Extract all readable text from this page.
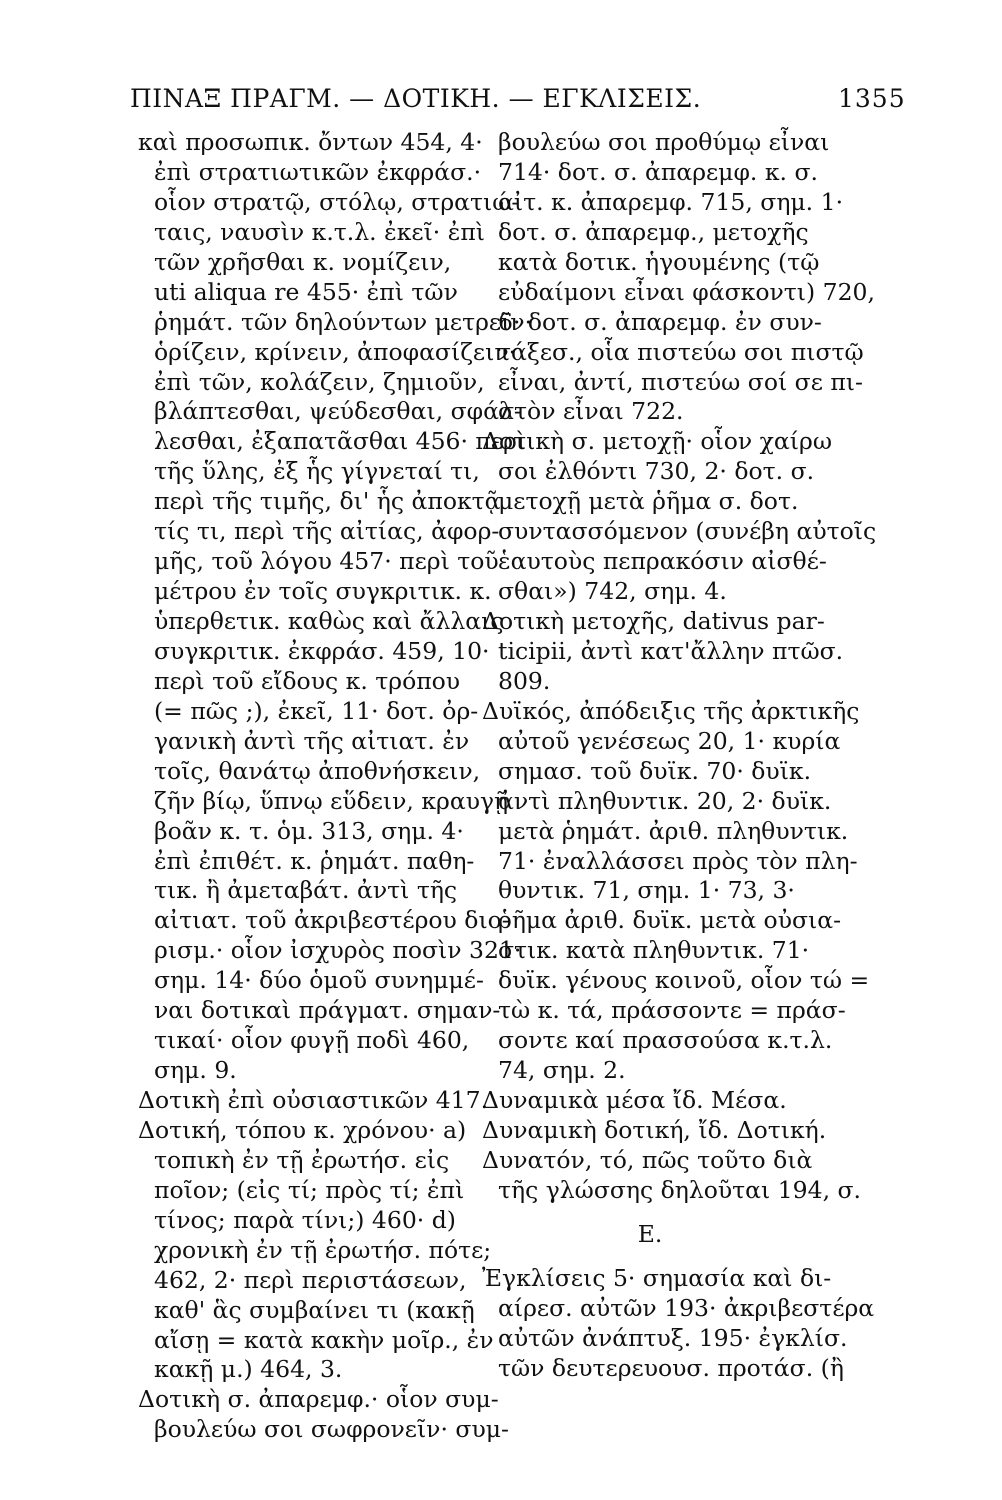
ΠΙΝΑΞ ΠΡΑΓΜ. — ΔΟΤΙΚΗ. — ΕΓΚΛΙΣΕΙΣ.	1355
καὶ προσωπικ. ὄντων 454, 4·
ἐπὶ στρατιωτικῶν ἐκφράσ.·
οἷον στρατῷ, στόλῳ, στρατιώ-
ταις, ναυσὶν κ.τ.λ. ἐκεῖ· ἐπὶ
τῶν χρῆσθαι κ. νομίζειν,
uti aliqua re 455· ἐπὶ τῶν
ῥημάτ. τῶν δηλούντων μετρεῖν·
ὁρίζειν, κρίνειν, ἀποφασίζειν·
ἐπὶ τῶν, κολάζειν, ζημιοῦν,
βλάπτεσθαι, ψεύδεσθαι, σφάλ-
λεσθαι, ἐξαπατᾶσθαι 456· περὶ
τῆς ὕλης, ἐξ ἧς γίγνεταί τι,
περὶ τῆς τιμῆς, δι' ἧς ἀποκτᾷ
τίς τι, περὶ τῆς αἰτίας, ἀφορ-
μῆς, τοῦ λόγου 457· περὶ τοῦ
μέτρου ἐν τοῖς συγκριτικ. κ.
ὑπερθετικ. καθὼς καὶ ἄλλαις
συγκριτικ. ἐκφράσ. 459, 10·
περὶ τοῦ εἴδους κ. τρόπου
(= πῶς ;), ἐκεῖ, 11· δοτ. ὀρ-
γανικὴ ἀντὶ τῆς αἰτιατ. ἐν
τοῖς, θανάτῳ ἀποθνήσκειν,
ζῆν βίῳ, ὕπνῳ εὕδειν, κραυγῇ
βοᾶν κ. τ. ὁμ. 313, σημ. 4·
ἐπὶ ἐπιθέτ. κ. ῥημάτ. παθη-
τικ. ἢ ἀμεταβάτ. ἀντὶ τῆς
αἰτιατ. τοῦ ἀκριβεστέρου διο-
ρισμ.· οἷον ἰσχυρὸς ποσὶν 321·
σημ. 14· δύο ὁμοῦ συνημμέ-
ναι δοτικαὶ πράγματ. σημαν-
τικαί· οἷον φυγῇ ποδὶ 460,
σημ. 9.
Δοτικὴ ἐπὶ οὐσιαστικῶν 417.
Δοτική, τόπου κ. χρόνου· a)
τοπικὴ ἐν τῇ ἐρωτήσ. εἰς
ποῖον; (εἰς τί; πρὸς τί; ἐπὶ
τίνος; παρὰ τίνι;) 460· d)
χρονικὴ ἐν τῇ ἐρωτήσ. πότε;
462, 2· περὶ περιστάσεων,
καθ' ἃς συμβαίνει τι (κακῇ
αἴσῃ = κατὰ κακὴν μοῖρ., ἐν
κακῇ μ.) 464, 3.
Δοτικὴ σ. ἀπαρεμφ.· οἷον συμ-
βουλεύω σοι σωφρονεῖν· συμ-
βουλεύω σοι προθύμῳ εἶναι
714· δοτ. σ. ἀπαρεμφ. κ. σ.
αἰτ. κ. ἀπαρεμφ. 715, σημ. 1·
δοτ. σ. ἀπαρεμφ., μετοχῆς
κατὰ δοτικ. ἡγουμένης (τῷ
εὐδαίμονι εἶναι φάσκοντι) 720,
6· δοτ. σ. ἀπαρεμφ. ἐν συν-
τάξεσ., οἷα πιστεύω σοι πιστῷ
εἶναι, ἀντί, πιστεύω σοί σε πι-
στὸν εἶναι 722.
Δοτικὴ σ. μετοχῇ· οἷον χαίρω
σοι ἐλθόντι 730, 2· δοτ. σ.
μετοχῇ μετὰ ῥῆμα σ. δοτ.
συντασσόμενον (συνέβη αὐτοῖς
ἑαυτοὺς πεπρακόσιν αἰσθέ-
σθαι») 742, σημ. 4.
Δοτικὴ μετοχῆς, dativus par-
ticipii, ἀντὶ κατ'ἄλλην πτῶσ.
809.
Δυϊκός, ἀπόδειξις τῆς ἀρκτικῆς
αὐτοῦ γενέσεως 20, 1· κυρία
σημασ. τοῦ δυϊκ. 70· δυϊκ.
ἀντὶ πληθυντικ. 20, 2· δυϊκ.
μετὰ ῥημάτ. ἀριθ. πληθυντικ.
71· ἐναλλάσσει πρὸς τὸν πλη-
θυντικ. 71, σημ. 1· 73, 3·
ῥῆμα ἀριθ. δυϊκ. μετὰ οὐσια-
στικ. κατὰ πληθυντικ. 71·
δυϊκ. γένους κοινοῦ, οἷον τώ =
τὼ κ. τά, πράσσοντε = πράσ-
σοντε καί πρασσούσα κ.τ.λ.
74, σημ. 2.
Δυναμικὰ μέσα ἴδ. Μέσα.
Δυναμικὴ δοτική, ἴδ. Δοτική.
Δυνατόν, τό, πῶς τοῦτο διὰ
τῆς γλώσσης δηλοῦται 194, σ.
Ε.
Ἐγκλίσεις 5· σημασία καὶ δι-
αίρεσ. αὐτῶν 193· ἀκριβεστέρα
αὐτῶν ἀνάπτυξ. 195· ἐγκλίσ.
τῶν δευτερευουσ. προτάσ. (ἢ
